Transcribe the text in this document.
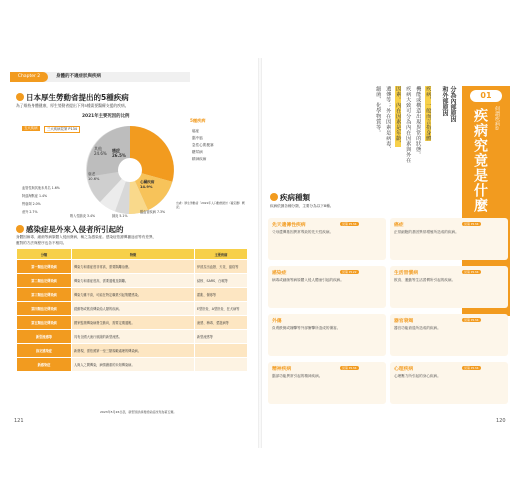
Chapter 2	身體的不適症狀與疾病
日本厚生勞動省提出的5種疾病
為了維持身體健康，厚生勞動省提出下列5種需要醫療支援的疾病。
2021年主要死因的比例
五大疾病	三大疾病見第 P134
癌症
26.5%
其他
24.6%
衰老
10.6%
心臟疾病
14.9%
血管性與其他未具名 1.6%
阿茲海默症 1.4%
腎衰竭 2.0%
意外 2.7%
吸入性肺炎 3.4%	肺炎 5.1%
腦血管疾病 7.3%
5種疾病
癌症
腦中風
急性心肌梗塞
糖尿病
精神疾病
出處：厚生勞動省「2021年人口動態統計（確定數）概況」
感染症是外來入侵者所引起的
身體因病毒、細菌等病原體入侵而發病，稱之為感染症。感染症依據傳播途徑等有差異，
應對的方法與程序也各不相同。
分類	特徵	主要疾病
第一類法定傳染病	傳染力和重症度非常高，需要隔離治療。	伊波拉出血熱、天花、鼠疫等
第二類法定傳染病	傳染力和重症度高，需要通報及隔離。	結核、SARS、白喉等
第三類法定傳染病	傳染力雖不高，可能在特定職業引起集體感染。	霍亂、傷寒等
第四類法定傳染病	經動物或飲食傳染給人類的疾病。	E型肝炎、A型肝炎、狂犬病等
第五類法定傳染病	國家監測傳染病發生動向，需要定期通報。	流感、梅毒、愛滋病等
新型流感等	具有全國大流行風險的新型流感。	新型流感等
指定感染症	新發現，需依照第一至三類規範處理的傳染病。	
新感染症	人與人之間傳染，病情嚴重的未知傳染病。	
2023年5月26日起，新型冠狀病毒感染症改列為第五類。
121
01
何謂疾病①
疾病究竟是什麼
分為內部原因
和外部原因
疾病，一般而言指身體
機能或構造出現異常的狀態。
疾病大致可分為內在因素與外在
因素。內在因素是年齡、
遺傳等；外在因素是病毒、
細菌、化學物質等。
疾病種類
疾病依據各種分類，主要分為以下8種。
先天遺傳性疾病	見第 P134
父母遺傳基因異常導致的先天性疾病。
癌症	見第 P134
正常細胞的基因異常增殖所造成的疾病。
感染症	見第 P122
病毒或細菌等病原體入侵人體而引起的疾病。
生活習慣病	見第 P134
飲食、運動等生活習慣所引起的疾病。
外傷
負責跌倒或撞擊等外部衝擊所造成的傷害。
器官衰竭	見第 P134
器官功能衰退所造成的疾病。
精神疾病	見第 P134
腦部功能異常引起的精神疾病。
心理疾病	見第 P134
心理壓力所引起的身心疾病。
120
